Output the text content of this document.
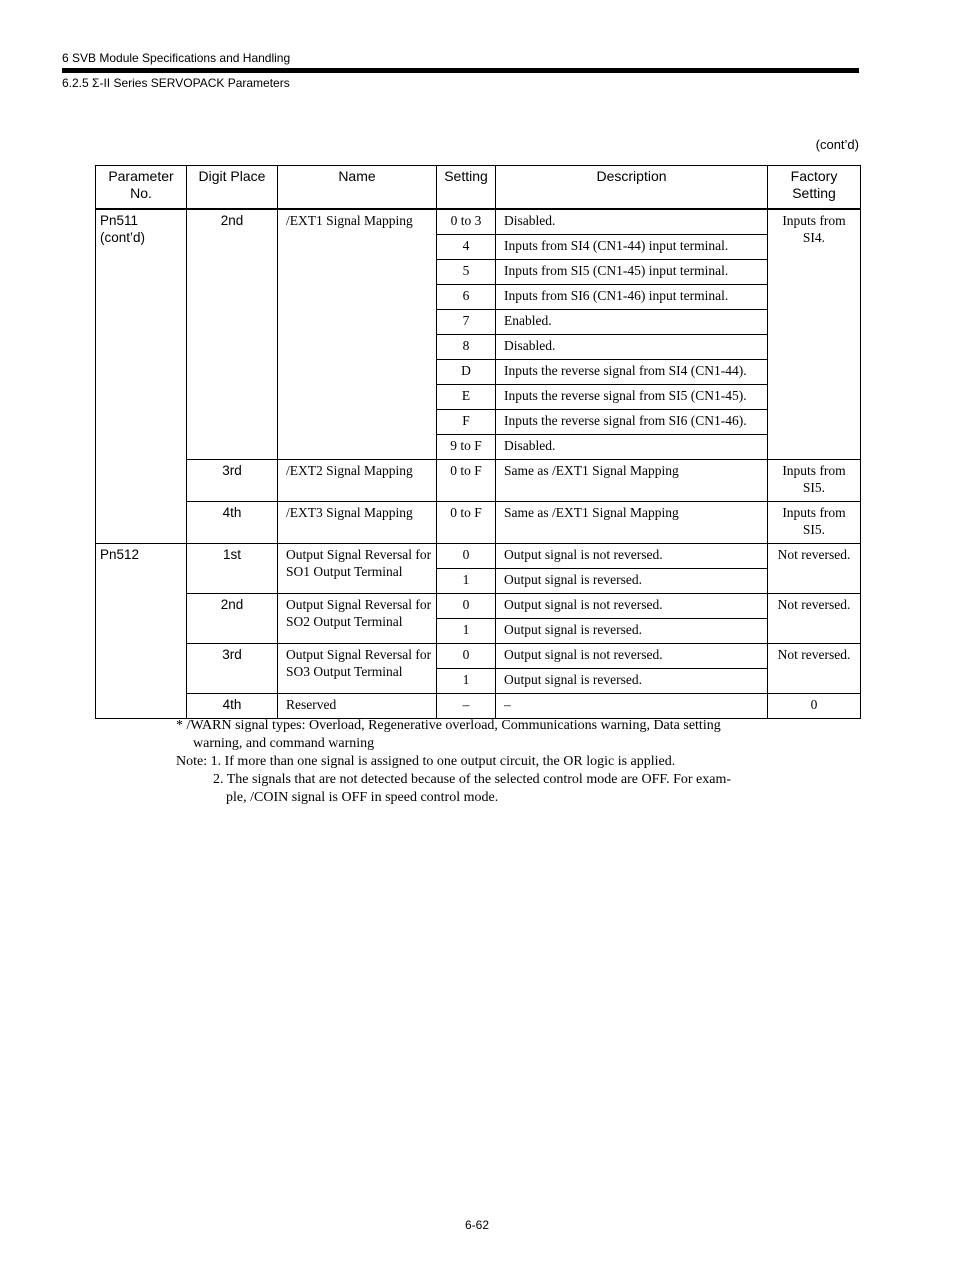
6 SVB Module Specifications and Handling
6.2.5 Σ-II Series SERVOPACK Parameters
(cont’d)
Parameter No.	Digit Place	Name	Setting	Description	Factory Setting
Pn511
(cont’d)	2nd	/EXT1 Signal Mapping	0 to 3	Disabled.	Inputs from SI4.
			4	Inputs from SI4 (CN1-44) input terminal.	
			5	Inputs from SI5 (CN1-45) input terminal.	
			6	Inputs from SI6 (CN1-46) input terminal.	
			7	Enabled.	
			8	Disabled.	
			D	Inputs the reverse signal from SI4 (CN1-44).	
			E	Inputs the reverse signal from SI5 (CN1-45).	
			F	Inputs the reverse signal from SI6 (CN1-46).	
			9 to F	Disabled.	
	3rd	/EXT2 Signal Mapping	0 to F	Same as /EXT1 Signal Mapping	Inputs from SI5.
	4th	/EXT3 Signal Mapping	0 to F	Same as /EXT1 Signal Mapping	Inputs from SI5.
Pn512	1st	Output Signal Reversal for SO1 Output Terminal	0	Output signal is not reversed.	Not reversed.
			1	Output signal is reversed.	
	2nd	Output Signal Reversal for SO2 Output Terminal	0	Output signal is not reversed.	Not reversed.
			1	Output signal is reversed.	
	3rd	Output Signal Reversal for SO3 Output Terminal	0	Output signal is not reversed.	Not reversed.
			1	Output signal is reversed.	
	4th	Reserved	–	–	0
* /WARN signal types: Overload, Regenerative overload, Communications warning, Data setting
warning, and command warning
Note: 1. If more than one signal is assigned to one output circuit, the OR logic is applied.
2. The signals that are not detected because of the selected control mode are OFF. For exam-
ple, /COIN signal is OFF in speed control mode.
6-62
